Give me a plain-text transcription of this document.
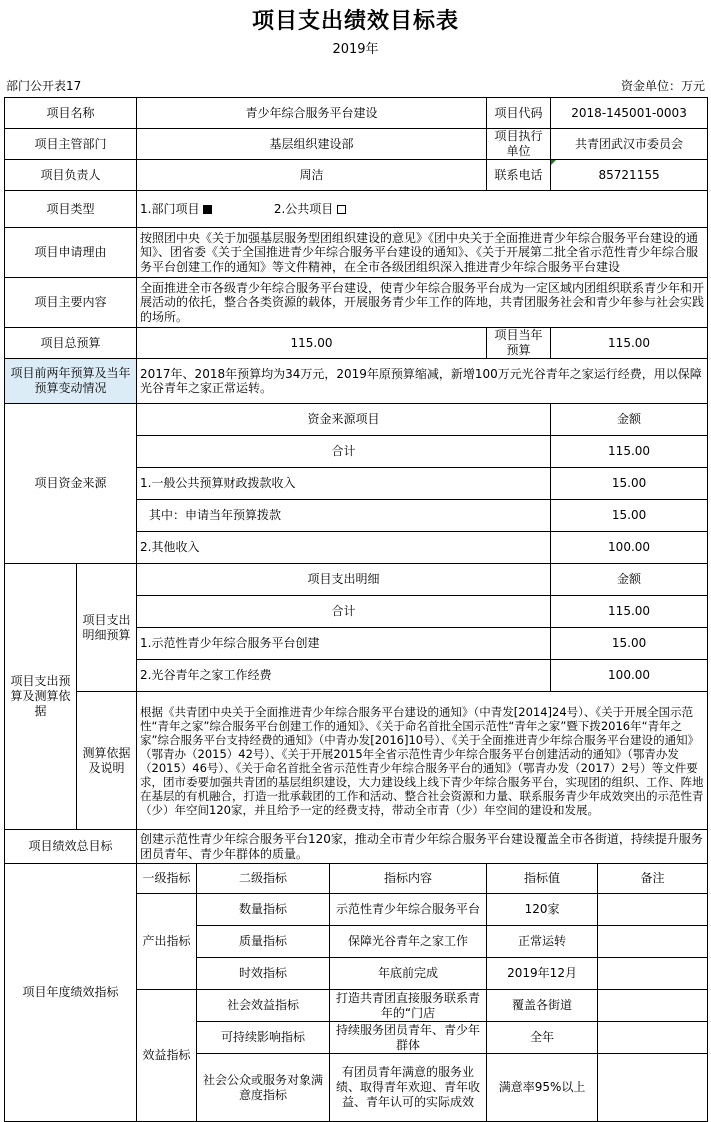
项目支出绩效目标表
2019年
部门公开表17	资金单位：万元
项目名称		青少年综合服务平台建设			项目代码	2018-145001-0003	
项目主管部门		基层组织建设部			项目执行单位	共青团武汉市委员会	
项目负责人		周洁			联系电话	85721155	
项目类型		1.部门项目 2.公共项目					
项目申请理由		按照团中央《关于加强基层服务型团组织建设的意见》《团中央关于全面推进青少年综合服务平台建设的通知》、团省委《关于全国推进青少年综合服务平台建设的通知》、《关于开展第二批全省示范性青少年综合服务平台创建工作的通知》等文件精神，在全市各级团组织深入推进青少年综合服务平台建设					
项目主要内容		全面推进全市各级青少年综合服务平台建设，使青少年综合服务平台成为一定区域内团组织联系青少年和开展活动的依托，整合各类资源的载体，开展服务青少年工作的阵地，共青团服务社会和青少年参与社会实践的场所。					
项目总预算		115.00			项目当年预算	115.00	
项目前两年预算及当年预算变动情况		2017年、2018年预算均为34万元，2019年原预算缩减，新增100万元光谷青年之家运行经费，用以保障光谷青年之家正常运转。					
项目资金来源		资金来源项目				金额	
		合计				115.00	
		1.一般公共预算财政拨款收入				15.00	
		其中：申请当年预算拨款				15.00	
		2.其他收入				100.00	
项目支出预算及测算依据	项目支出明细预算	项目支出明细				金额	
		合计				115.00	
		1.示范性青少年综合服务平台创建				15.00	
		2.光谷青年之家工作经费				100.00	
	测算依据及说明	根据《共青团中央关于全面推进青少年综合服务平台建设的通知》（中青发[2014]24号）、《关于开展全国示范性“青年之家”综合服务平台创建工作的通知》、《关于命名首批全国示范性“青年之家”暨下拨2016年“青年之家”综合服务平台支持经费的通知》（中青办发[2016]10号）、《关于全面推进青少年综合服务平台建设的通知》（鄂青办（2015）42号）、《关于开展2015年全省示范性青少年综合服务平台创建活动的通知》（鄂青办发（2015）46号）、《关于命名首批全省示范性青少年综合服务平台的通知》（鄂青办发（2017）2号）等文件要求，团市委要加强共青团的基层组织建设，大力建设线上线下青少年综合服务平台，实现团的组织、工作、阵地在基层的有机融合，打造一批承载团的工作和活动、整合社会资源和力量、联系服务青少年成效突出的示范性青（少）年空间120家，并且给予一定的经费支持，带动全市青（少）年空间的建设和发展。					
项目绩效总目标		创建示范性青少年综合服务平台120家，推动全市青少年综合服务平台建设覆盖全市各街道，持续提升服务团员青年、青少年群体的质量。					
项目年度绩效指标		一级指标	二级指标	指标内容	指标值		备注
		产出指标	数量指标	示范性青少年综合服务平台	120家		
			质量指标	保障光谷青年之家工作	正常运转		
			时效指标	年底前完成	2019年12月		
		效益指标	社会效益指标	打造共青团直接服务联系青年的“门店	覆盖各街道		
			可持续影响指标	持续服务团员青年、青少年群体	全年		
			社会公众或服务对象满意度指标	有团员青年满意的服务业绩、取得青年欢迎、青年收益、青年认可的实际成效	满意率95%以上		
